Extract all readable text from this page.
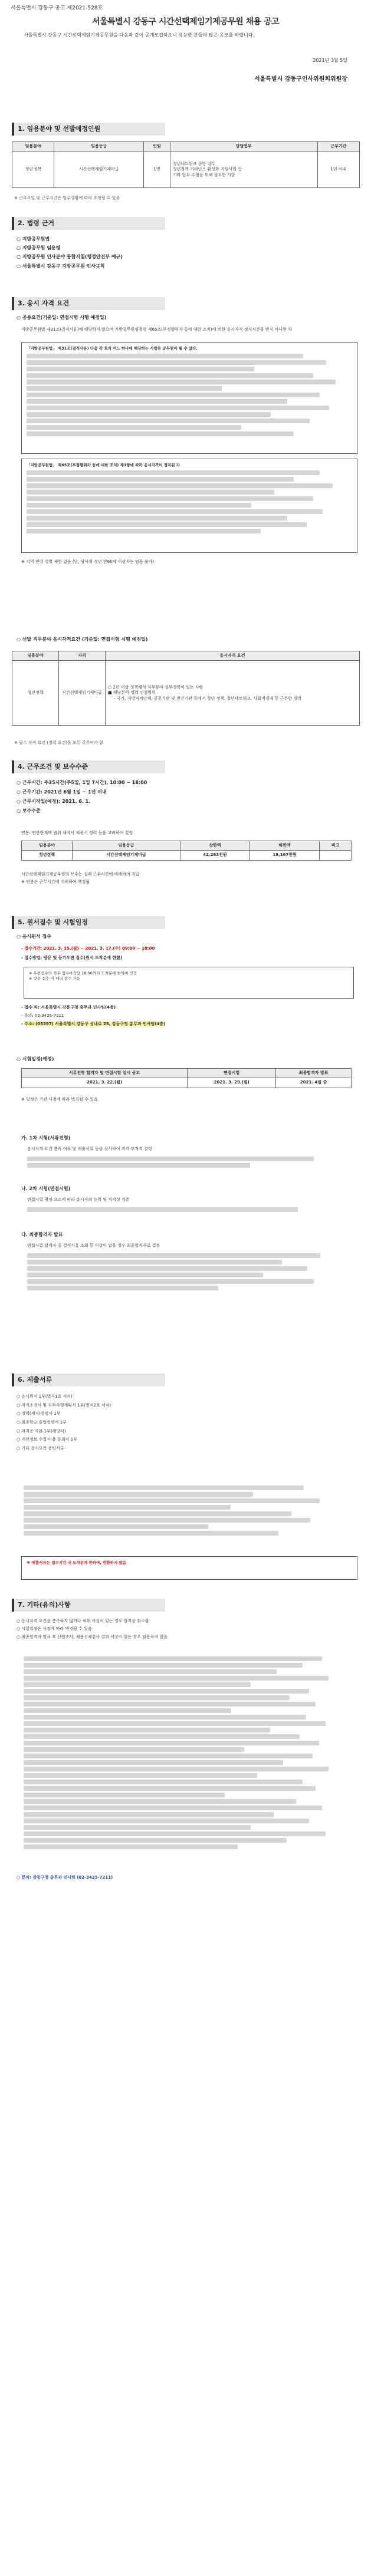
서울특별시 강동구 공고 제2021-528호
서울특별시 강동구 시간선택제임기제공무원 채용 공고
서울특별시 강동구 시간선택제임기제공무원을 다음과 같이 공개모집하오니 유능한 분들의 많은 응모를 바랍니다.
2021년 3월 5일
서울특별시 강동구인사위원회위원장
1. 임용분야 및 선발예정인원
임용분야	임용등급	인원	담당업무	근무기간
청년정책	시간선택제임기제마급	1명	청년네트워크 운영 업무
청년정책 거버넌스 활성화 지원사업 등
기타 업무 수행을 위해 필요한 사항	1년 이내
※ 근무요일 및 근무시간은 업무상황에 따라 조정될 수 있음
2. 법령 근거
○ 지방공무원법
○ 지방공무원 임용령
○ 지방공무원 인사분야 통합지침(행정안전부 예규)
○ 서울특별시 강동구 지방공무원 인사규칙
3. 응시 자격 요건
○ 공통요건(기준일: 면접시험 시행 예정일)
지방공무원법 제31조(결격사유)에 해당하지 않으며 지방공무원임용령 제65조(부정행위자 등에 대한 조치)에 의한 응시자격 정지처분을 받지 아니한 자
「지방공무원법」 제31조(결격사유) 다음 각 호의 어느 하나에 해당하는 사람은 공무원이 될 수 없다.
「지방공무원법」 제65조(부정행위자 등에 대한 조치) 제1항에 따라 응시자격이 정지된 자
※ 지역 연령 성별 제한 없음 (단, 당사의 정년 만60세 이상자는 임용 불가)
○ 선발 직무분야 응시자격요건 (기준일: 면접시험 시행 예정일)
임용분야	자격	응시자격 요건
청년정책	시간선택제임기제마급	○ 2년 이상 정책해석 직무분야 실무경력이 있는 사람
■ 해당분야 경력 인정범위
- 국가, 지방자치단체, 공공기관 및 민간기관 등에서 청년 정책, 청년네트워크, 사회적경제 등 근무한 경력
※ 필수 자격 요건 (경력 요건)을 모두 갖추어야 함
4. 근무조건 및 보수수준
○ 근무시간: 주35시간(주5일, 1일 7시간), 10:00 ~ 18:00
○ 근무기간: 2021년 6월 1일 ~ 1년 이내
○ 근무시작일(예정): 2021. 6. 1.
○ 보수수준
연봉: 연봉한계액 범위 내에서 채용시 경력 등을 고려하여 결정
임용분야	임용등급	상한액	하한액	비고
청년정책	시간선택제임기제마급	42,263천원	19,167천원	

시간선택제임기제공무원의 보수는 실제 근무시간에 비례하여 지급

※ 연봉은 근무시간에 비례하여 책정됨

5. 원서접수 및 시험일정
○ 응시원서 접수
- 접수기간: 2021. 3. 15.(월) ~ 2021. 3. 17.(수) 09:00 ~ 18:00
- 접수방법: 방문 및 등기우편 접수(원서 도착분에 한함)
※ 우편접수의 경우 접수마감일 18:00까지 도착분에 한하여 인정
※ 방문 접수 시 대리 접수 가능
- 접수 처: 서울특별시 강동구청 총무과 인사팀(4층)
- 문의: 02-3425-7211
- 주소: (05397) 서울특별시 강동구 성내로 25, 강동구청 총무과 인사팀(4층)
○ 시험일정(예정)
서류전형 합격자 및 면접시험 일시 공고	면접시험	최종합격자 발표
2021. 3. 22.(월)	2021. 3. 29.(월)	2021. 4월 중
※ 일정은 기관 사정에 따라 변경될 수 있음
가. 1차 시험(서류전형)
응시자격 요건 충족 여부 및 제출서류 등을 심사하여 적격·부적격 결정
나. 2차 시험(면접시험)
면접시험 평정 요소에 따라 응시자의 능력 및 적격성 검증
다. 최종합격자 발표
면접시험 합격자 중 결격사유 조회 등 이상이 없을 경우 최종합격자로 결정
6. 제출서류
○ 응시원서 1부(별지1호 서식)
○ 자기소개서 및 직무수행계획서 1부(별지2호 서식)
○ 경력(재직)증명서 1부
○ 최종학교 졸업증명서 1부
○ 자격증 사본 1부(해당자)
○ 개인정보 수집·이용 동의서 1부
○ 기타 응시요건 증빙서류
※ 제출서류는 접수기간 내 도착분에 한하며, 반환하지 않음
7. 기타(유의)사항
○ 응시자격 요건을 충족하지 않거나 허위 사실이 있는 경우 합격을 취소함
○ 시험일정은 사정에 따라 변경될 수 있음
○ 최종합격자 발표 후 신원조사, 채용신체검사 결과 이상이 있는 경우 임용하지 않음
○ 문의: 강동구청 총무과 인사팀 (02-3425-7211)
